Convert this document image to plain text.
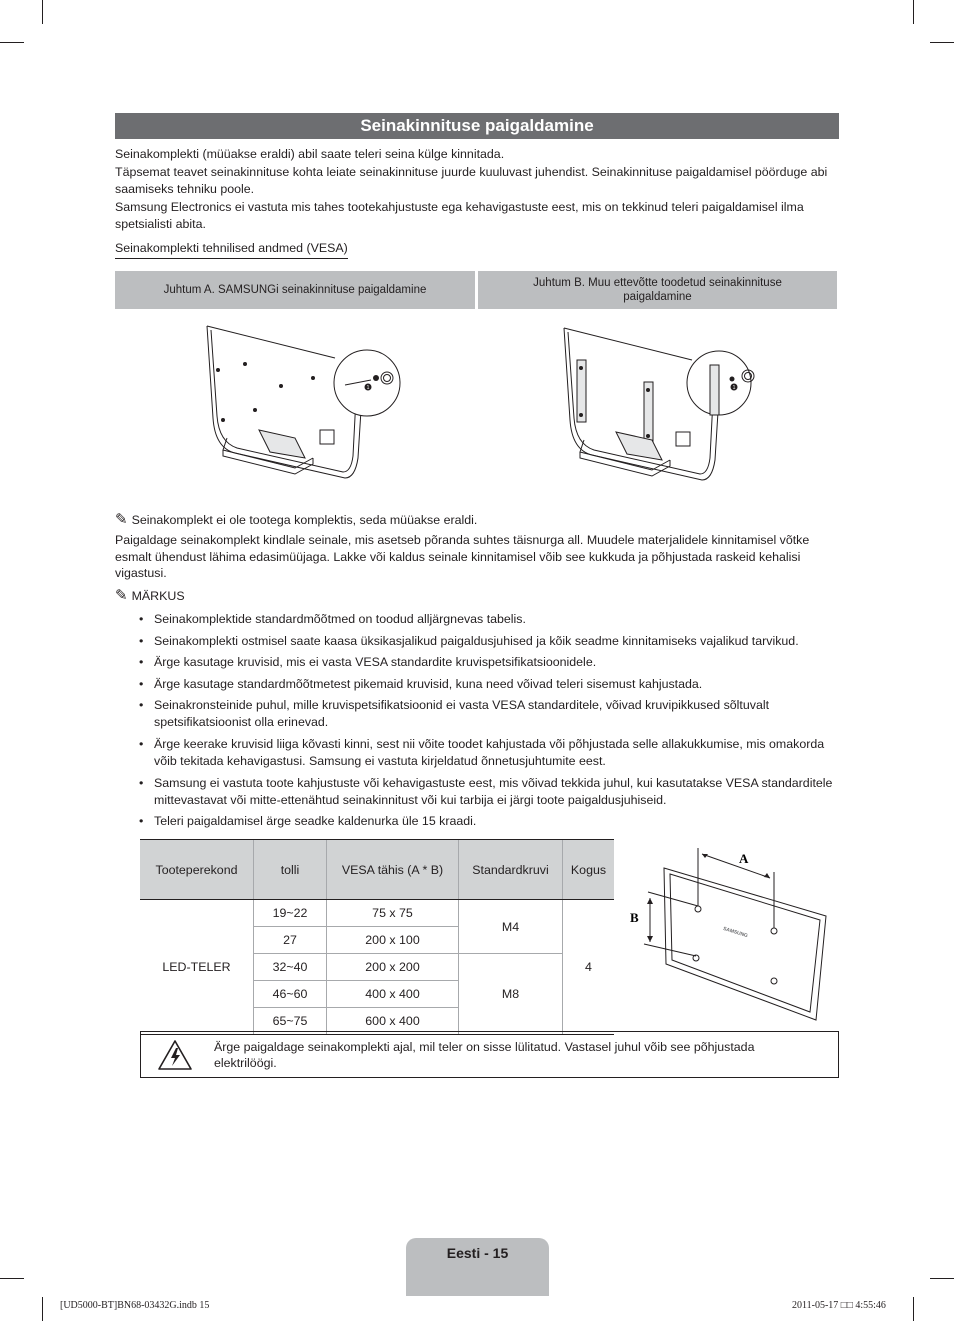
Seinakinnituse paigaldamine

Seinakomplekti (müüakse eraldi) abil saate teleri seina külge kinnitada.

Täpsemat teavet seinakinnituse kohta leiate seinakinnituse juurde kuuluvast juhendist. Seinakinnituse paigaldamisel pöörduge abi saamiseks tehniku poole.

Samsung Electronics ei vastuta mis tahes tootekahjustuste ega kehavigastuste eest, mis on tekkinud teleri paigaldamisel ilma spetsialisti abita.

Seinakomplekti tehnilised andmed (VESA)
Juhtum A. SAMSUNGi seinakinnituse paigaldamine
Juhtum B. Muu ettevõtte toodetud seinakinnituse paigaldamine
1	1
✎ Seinakomplekt ei ole tootega komplektis, seda müüakse eraldi.
Paigaldage seinakomplekt kindlale seinale, mis asetseb põranda suhtes täisnurga all. Muudele materjalidele kinnitamisel võtke esmalt ühendust lähima edasimüüjaga. Lakke või kaldus seinale kinnitamisel võib see kukkuda ja põhjustada raskeid kehalisi vigastusi.
✎ MÄRKUS
• Seinakomplektide standardmõõtmed on toodud alljärgnevas tabelis.
• Seinakomplekti ostmisel saate kaasa üksikasjalikud paigaldusjuhised ja kõik seadme kinnitamiseks vajalikud tarvikud.
• Ärge kasutage kruvisid, mis ei vasta VESA standardite kruvispetsifikatsioonidele.
• Ärge kasutage standardmõõtmetest pikemaid kruvisid, kuna need võivad teleri sisemust kahjustada.
• Seinakronsteinide puhul, mille kruvispetsifikatsioonid ei vasta VESA standarditele, võivad kruvipikkused sõltuvalt spetsifikatsioonist olla erinevad.
• Ärge keerake kruvisid liiga kõvasti kinni, sest nii võite toodet kahjustada või põhjustada selle allakukkumise, mis omakorda võib tekitada kehavigastusi. Samsung ei vastuta kirjeldatud õnnetusjuhtumite eest.
• Samsung ei vastuta toote kahjustuste või kehavigastuste eest, mis võivad tekkida juhul, kui kasutatakse VESA standarditele mittevastavat või mitte-ettenähtud seinakinnitust või kui tarbija ei järgi toote paigaldusjuhiseid.
• Teleri paigaldamisel ärge seadke kaldenurka üle 15 kraadi.
Tooteperekond	tolli	VESA tähis (A * B)	Standardkruvi	Kogus
LED-TELER	19~22	75 x 75	M4	4
	27	200 x 100		
	32~40	200 x 200	M8	
	46~60	400 x 400		
	65~75	600 x 400		
A
B
SAMSUNG
Ärge paigaldage seinakomplekti ajal, mil teler on sisse lülitatud. Vastasel juhul võib see põhjustada elektrilöögi.
Eesti - 15
[UD5000-BT]BN68-03432G.indb 15	2011-05-17 □□ 4:55:46
